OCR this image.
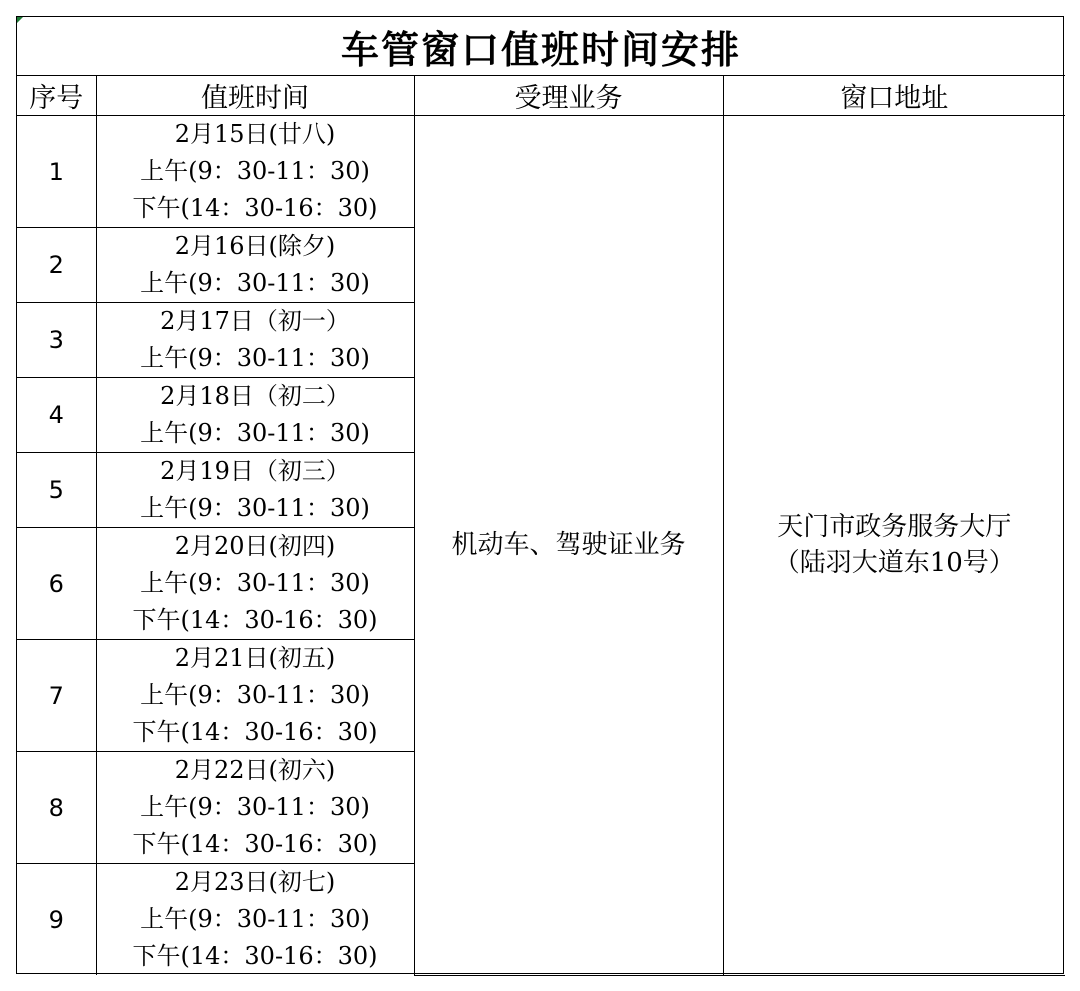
车管窗口值班时间安排			
序号	值班时间	受理业务	窗口地址
1	2月15日(廿八)
上午(9：30-11：30)
下午(14：30-16：30)	机动车、驾驶证业务	天门市政务服务大厅
（陆羽大道东10号）

2	2月16日(除夕)
上午(9：30-11：30)		

3	2月17日（初一）
上午(9：30-11：30)		

4	2月18日（初二）
上午(9：30-11：30)		

5	2月19日（初三）
上午(9：30-11：30)		

6	2月20日(初四)
上午(9：30-11：30)
下午(14：30-16：30)		

7	2月21日(初五)
上午(9：30-11：30)
下午(14：30-16：30)		

8	2月22日(初六)
上午(9：30-11：30)
下午(14：30-16：30)		

9	2月23日(初七)
上午(9：30-11：30)
下午(14：30-16：30)		
